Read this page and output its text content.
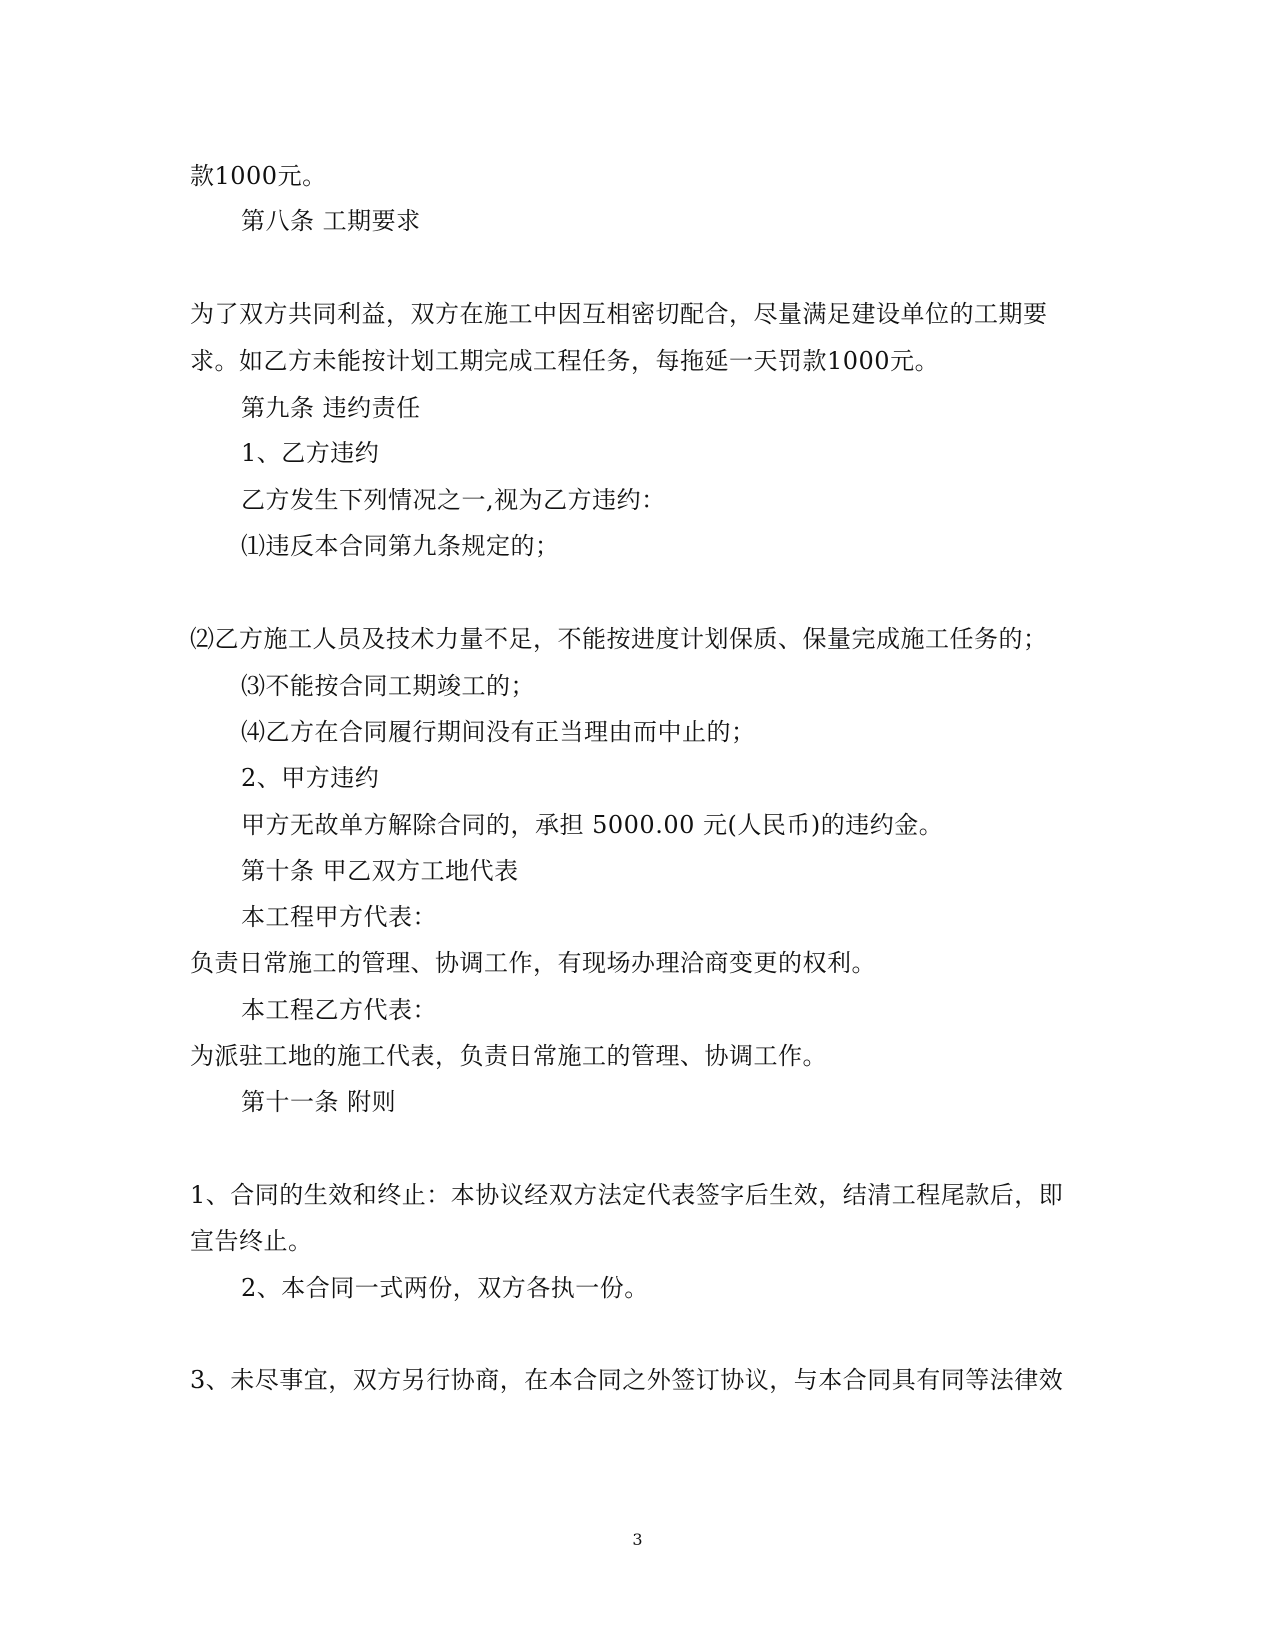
款1000元。
第八条 工期要求
为了双方共同利益，双方在施工中因互相密切配合，尽量满足建设单位的工期要
求。如乙方未能按计划工期完成工程任务，每拖延一天罚款1000元。
第九条 违约责任
1、乙方违约
乙方发生下列情况之一,视为乙方违约：
⑴违反本合同第九条规定的；
⑵乙方施工人员及技术力量不足，不能按进度计划保质、保量完成施工任务的；
⑶不能按合同工期竣工的；
⑷乙方在合同履行期间没有正当理由而中止的；
2、甲方违约
甲方无故单方解除合同的，承担 5000.00 元(人民币)的违约金。
第十条 甲乙双方工地代表
本工程甲方代表：
负责日常施工的管理、协调工作，有现场办理洽商变更的权利。
本工程乙方代表：
为派驻工地的施工代表，负责日常施工的管理、协调工作。
第十一条 附则
1、合同的生效和终止：本协议经双方法定代表签字后生效，结清工程尾款后，即
宣告终止。
2、本合同一式两份，双方各执一份。
3、未尽事宜，双方另行协商，在本合同之外签订协议，与本合同具有同等法律效
3
